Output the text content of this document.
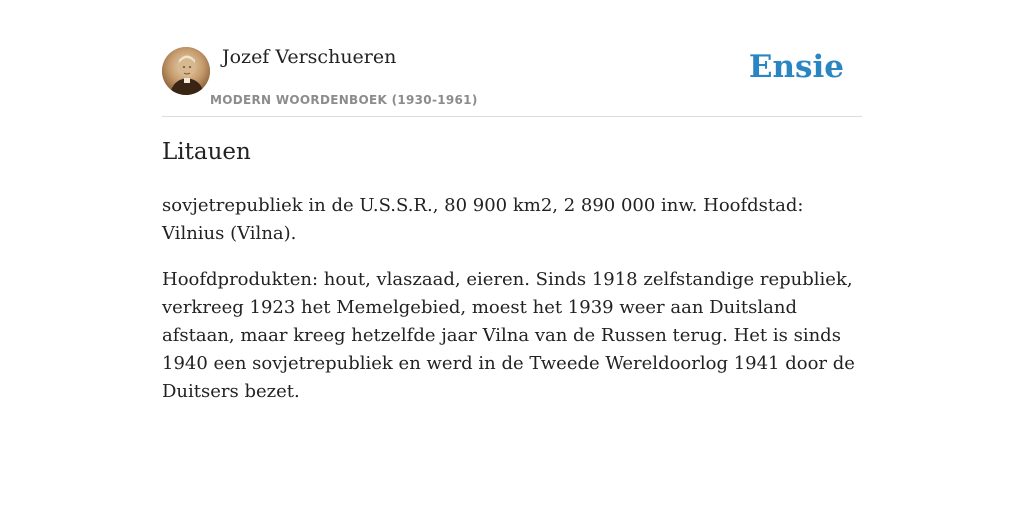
Jozef Verschueren
MODERN WOORDENBOEK (1930-1961)
Ensie
Litauen

sovjetrepubliek in de U.S.S.R., 80 900 km2, 2 890 000 inw. Hoofdstad: Vilnius (Vilna).

Hoofdprodukten: hout, vlaszaad, eieren. Sinds 1918 zelfstandige republiek, verkreeg 1923 het Memelgebied, moest het 1939 weer aan Duitsland afstaan, maar kreeg hetzelfde jaar Vilna van de Russen terug. Het is sinds 1940 een sovjetrepubliek en werd in de Tweede Wereldoorlog 1941 door de Duitsers bezet.
